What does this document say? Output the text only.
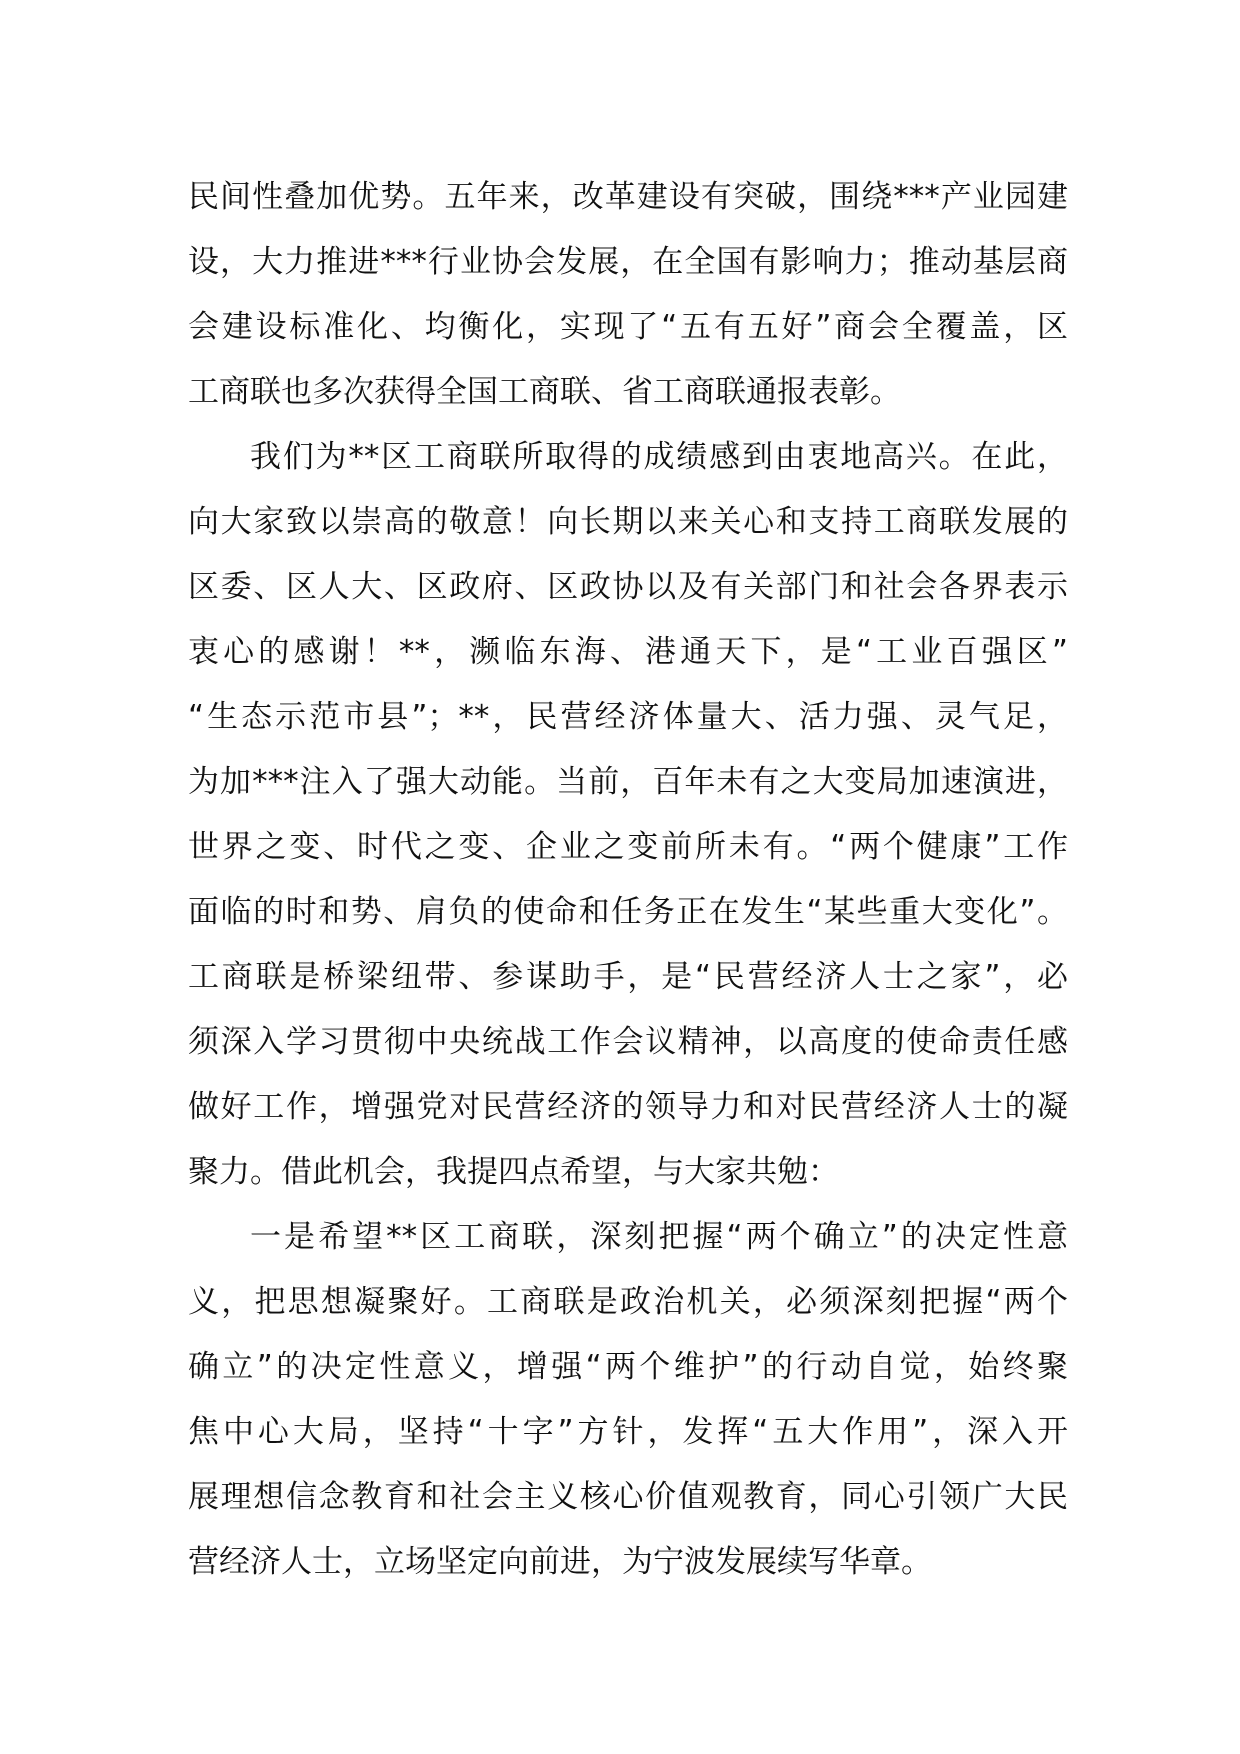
民间性叠加优势。五年来，改革建设有突破，围绕***产业园建
设，大力推进***行业协会发展，在全国有影响力；推动基层商
会建设标准化、均衡化，实现了“五有五好”商会全覆盖，区
工商联也多次获得全国工商联、省工商联通报表彰。
我们为**区工商联所取得的成绩感到由衷地高兴。在此，
向大家致以崇高的敬意！向长期以来关心和支持工商联发展的
区委、区人大、区政府、区政协以及有关部门和社会各界表示
衷心的感谢！**，濒临东海、港通天下，是“工业百强区”
“生态示范市县”；**，民营经济体量大、活力强、灵气足，
为加***注入了强大动能。当前，百年未有之大变局加速演进，
世界之变、时代之变、企业之变前所未有。“两个健康”工作
面临的时和势、肩负的使命和任务正在发生“某些重大变化”。
工商联是桥梁纽带、参谋助手，是“民营经济人士之家”，必
须深入学习贯彻中央统战工作会议精神，以高度的使命责任感
做好工作，增强党对民营经济的领导力和对民营经济人士的凝
聚力。借此机会，我提四点希望，与大家共勉：
一是希望**区工商联，深刻把握“两个确立”的决定性意
义，把思想凝聚好。工商联是政治机关，必须深刻把握“两个
确立”的决定性意义，增强“两个维护”的行动自觉，始终聚
焦中心大局，坚持“十字”方针，发挥“五大作用”，深入开
展理想信念教育和社会主义核心价值观教育，同心引领广大民
营经济人士，立场坚定向前进，为宁波发展续写华章。
